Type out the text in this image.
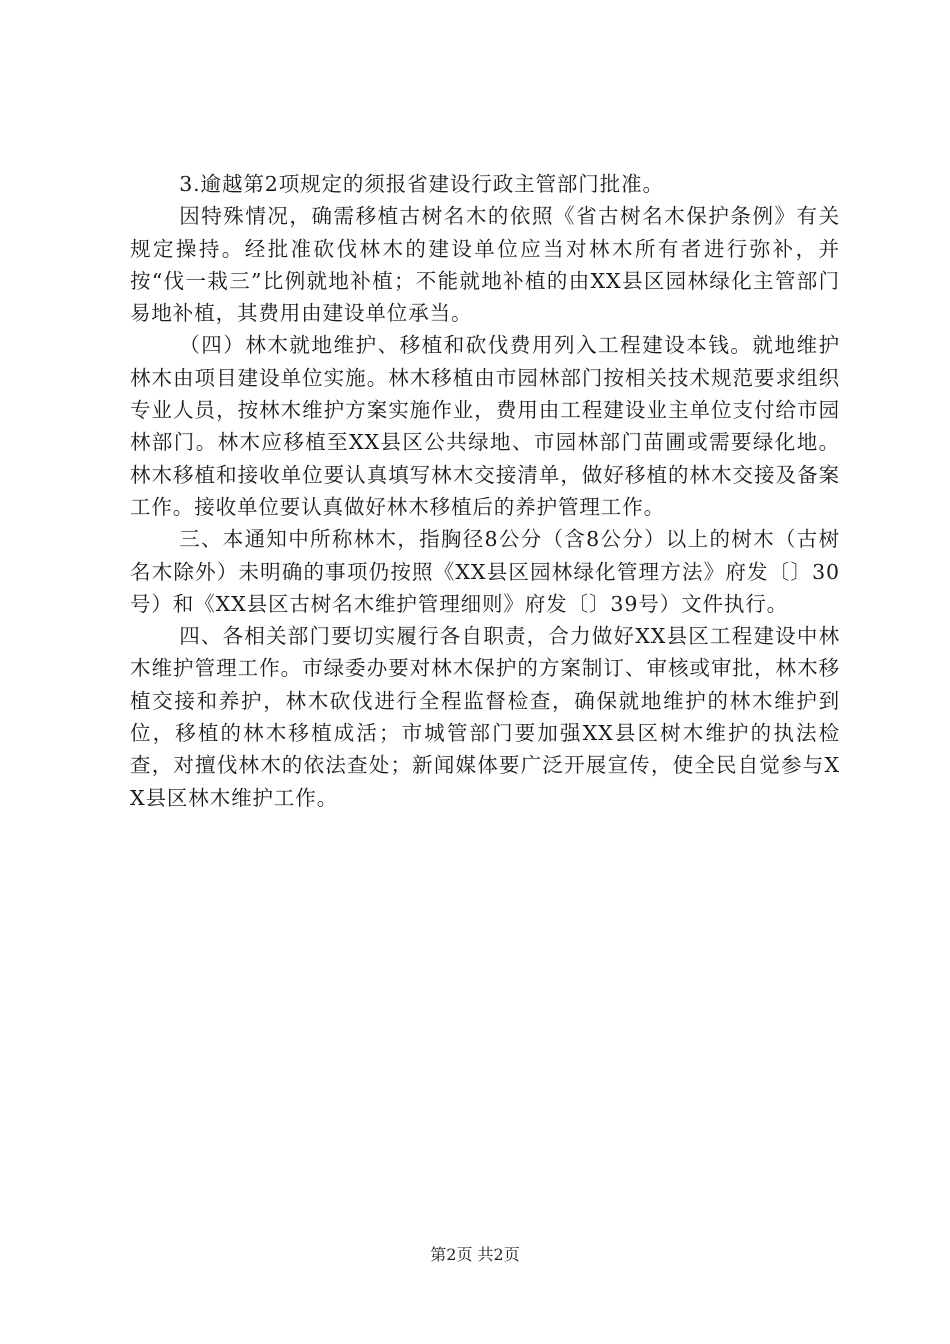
3.逾越第2项规定的须报省建设行政主管部门批准。

因特殊情况，确需移植古树名木的依照《省古树名木保护条例》有关规定操持。经批准砍伐林木的建设单位应当对林木所有者进行弥补，并按“伐一栽三”比例就地补植；不能就地补植的由XX县区园林绿化主管部门易地补植，其费用由建设单位承当。

（四）林木就地维护、移植和砍伐费用列入工程建设本钱。就地维护林木由项目建设单位实施。林木移植由市园林部门按相关技术规范要求组织专业人员，按林木维护方案实施作业，费用由工程建设业主单位支付给市园林部门。林木应移植至XX县区公共绿地、市园林部门苗圃或需要绿化地。林木移植和接收单位要认真填写林木交接清单，做好移植的林木交接及备案工作。接收单位要认真做好林木移植后的养护管理工作。

三、本通知中所称林木，指胸径8公分（含8公分）以上的树木（古树名木除外）未明确的事项仍按照《XX县区园林绿化管理方法》府发〔〕30号）和《XX县区古树名木维护管理细则》府发〔〕39号）文件执行。

四、各相关部门要切实履行各自职责，合力做好XX县区工程建设中林木维护管理工作。市绿委办要对林木保护的方案制订、审核或审批，林木移植交接和养护，林木砍伐进行全程监督检查，确保就地维护的林木维护到位，移植的林木移植成活；市城管部门要加强XX县区树木维护的执法检查，对擅伐林木的依法查处；新闻媒体要广泛开展宣传，使全民自觉参与XX县区林木维护工作。

第2页 共2页
